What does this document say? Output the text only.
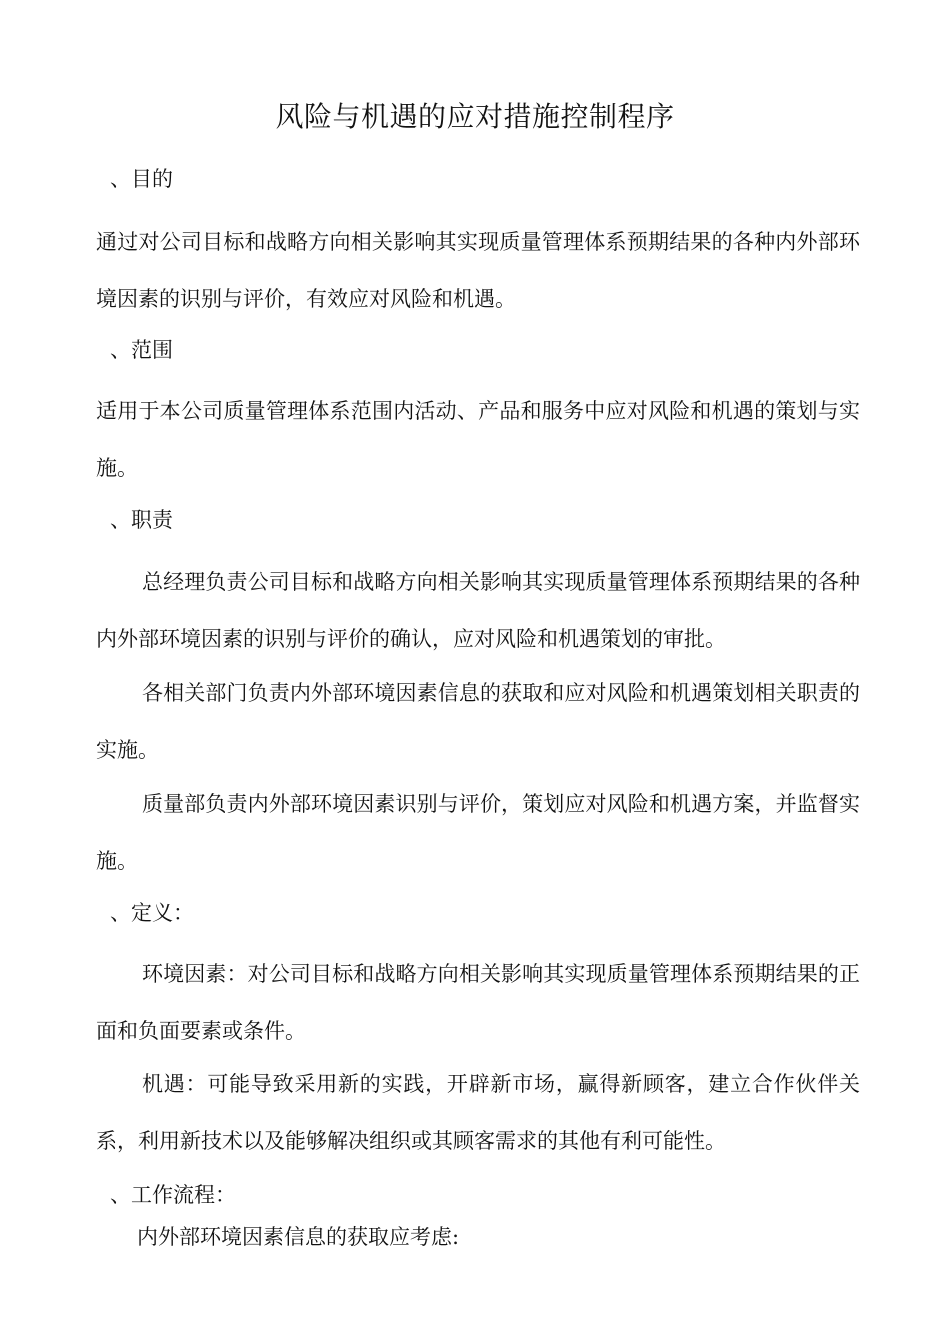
风险与机遇的应对措施控制程序
、目的
通过对公司目标和战略方向相关影响其实现质量管理体系预期结果的各种内外部环境因素的识别与评价，有效应对风险和机遇。
、范围
适用于本公司质量管理体系范围内活动、产品和服务中应对风险和机遇的策划与实施。
、职责
总经理负责公司目标和战略方向相关影响其实现质量管理体系预期结果的各种内外部环境因素的识别与评价的确认，应对风险和机遇策划的审批。
各相关部门负责内外部环境因素信息的获取和应对风险和机遇策划相关职责的实施。
质量部负责内外部环境因素识别与评价，策划应对风险和机遇方案，并监督实施。
、定义：
环境因素：对公司目标和战略方向相关影响其实现质量管理体系预期结果的正面和负面要素或条件。
机遇：可能导致采用新的实践，开辟新市场，赢得新顾客，建立合作伙伴关系，利用新技术以及能够解决组织或其顾客需求的其他有利可能性。
、工作流程：
内外部环境因素信息的获取应考虑:
